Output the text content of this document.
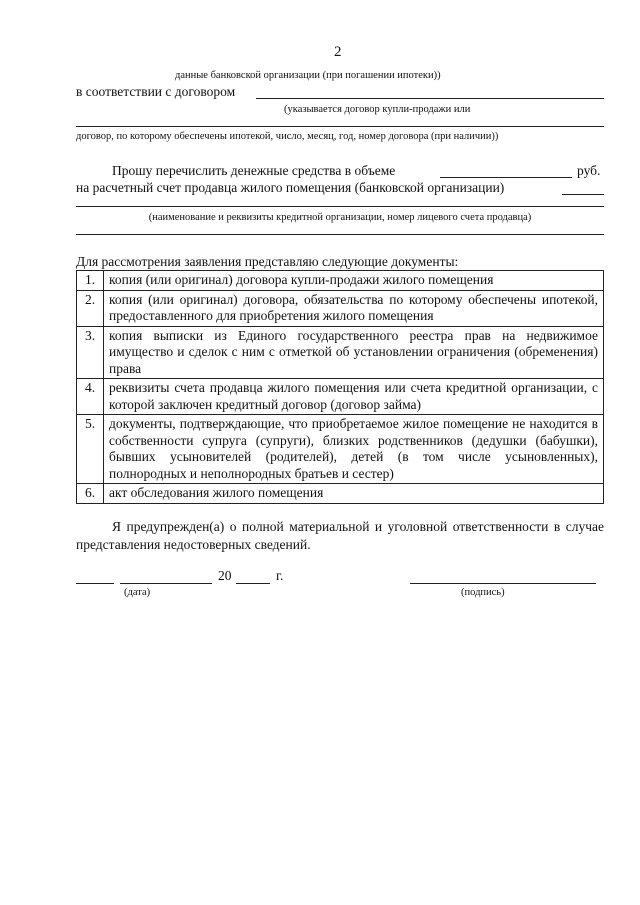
2
данные банковской организации (при погашении ипотеки))
в соответствии с договором
(указывается договор купли-продажи или
договор, по которому обеспечены ипотекой, число, месяц, год, номер договора (при наличии))
Прошу перечислить денежные средства в объеме	руб.
на расчетный счет продавца жилого помещения (банковской организации)
(наименование и реквизиты кредитной организации, номер лицевого счета продавца)
Для рассмотрения заявления представляю следующие документы:
1.	копия (или оригинал) договора купли-продажи жилого помещения
2.	копия (или оригинал) договора, обязательства по которому обеспечены ипотекой, предоставленного для приобретения жилого помещения
3.	копия выписки из Единого государственного реестра прав на недвижимое имущество и сделок с ним с отметкой об установлении ограничения (обременения) права
4.	реквизиты счета продавца жилого помещения или счета кредитной организации, с которой заключен кредитный договор (договор займа)
5.	документы, подтверждающие, что приобретаемое жилое помещение не находится в собственности супруга (супруги), близких родственников (дедушки (бабушки), бывших усыновителей (родителей), детей (в том числе усыновленных), полнородных и неполнородных братьев и сестер)
6.	акт обследования жилого помещения
Я предупрежден(а) о полной материальной и уголовной ответственности в случае представления недостоверных сведений.
20	г.
(дата)	(подпись)
